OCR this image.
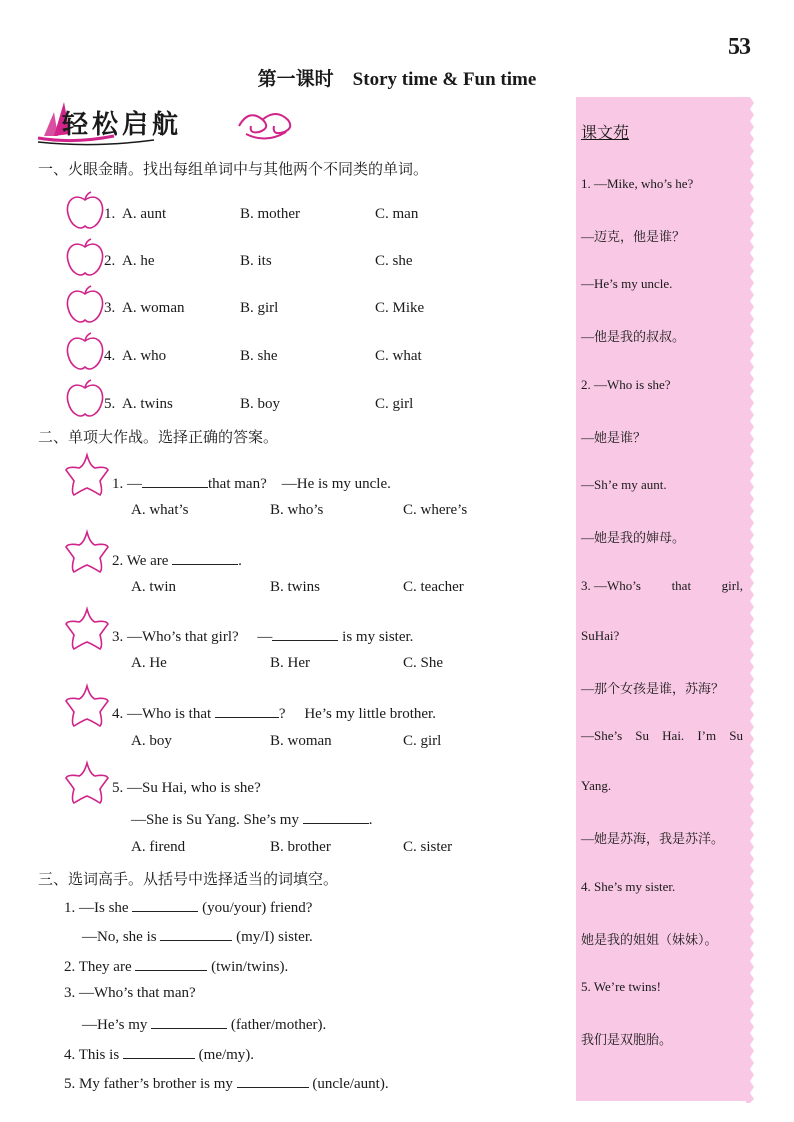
53
第一课时　Story time & Fun time
轻松启航
一、火眼金睛。找出每组单词中与其他两个不同类的单词。
1. A. aunt	B. mother	C. man
2. A. he	B. its	C. she
3. A. woman	B. girl	C. Mike
4. A. who	B. she	C. what
5. A. twins	B. boy	C. girl
二、单项大作战。选择正确的答案。
1. —	that man? —He is my uncle.
A. what’s	B. who’s	C. where’s
2. We are	.
A. twin	B. twins	C. teacher
3. —Who’s that girl? —	is my sister.
A. He	B. Her	C. She
4. —Who is that	? He’s my little brother.
A. boy	B. woman	C. girl
5. —Su Hai, who is she?
—She is Su Yang. She’s my	.
A. firend	B. brother	C. sister
三、选词高手。从括号中选择适当的词填空。
1. —Is she	(you/your) friend?
—No, she is	(my/I) sister.
2. They are	(twin/twins).
3. —Who’s that man?
—He’s my	(father/mother).
4. This is	(me/my).
5. My father’s brother is my	(uncle/aunt).
课文苑
1. —Mike, who’s he?
—迈克，他是谁？
—He’s my uncle.
—他是我的叔叔。
2. —Who is she?
—她是谁？
—Sh’e my aunt.
—她是我的婶母。
3. —Who’s that girl,
SuHai?
—那个女孩是谁，苏海？
—She’s Su Hai. I’m Su
Yang.
—她是苏海，我是苏洋。
4. She’s my sister.
她是我的姐姐（妹妹）。
5. We’re twins!
我们是双胞胎。
